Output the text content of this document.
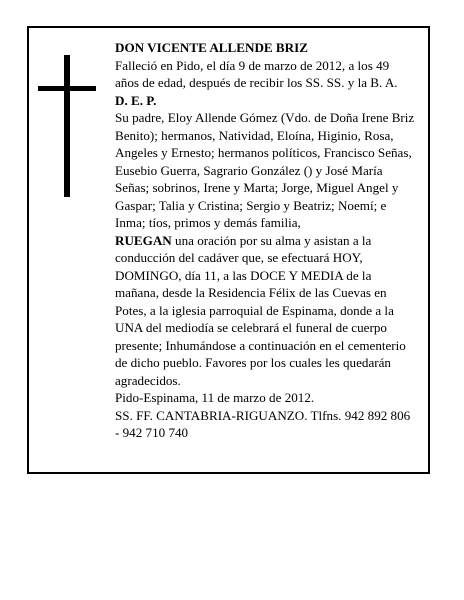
DON VICENTE ALLENDE BRIZ

Falleció en Pido, el día 9 de marzo de 2012, a los 49 años de edad, después de recibir los SS. SS. y la B. A.

D. E. P.

Su padre, Eloy Allende Gómez (Vdo. de Doña Irene Briz Benito); hermanos, Natividad, Eloína, Higinio, Rosa, Angeles y Ernesto; hermanos políticos, Francisco Señas, Eusebio Guerra, Sagrario González () y José María Señas; sobrinos, Irene y Marta; Jorge, Miguel Angel y Gaspar; Talia y Cristina; Sergio y Beatriz; Noemí; e Inma; tíos, primos y demás familia,

RUEGAN una oración por su alma y asistan a la conducción del cadáver que, se efectuará HOY, DOMINGO, día 11, a las DOCE Y MEDIA de la mañana, desde la Residencia Félix de las Cuevas en Potes, a la iglesia parroquial de Espinama, donde a la UNA del mediodía se celebrará el funeral de cuerpo presente; Inhumándose a continuación en el cementerio de dicho pueblo. Favores por los cuales les quedarán agradecidos.

Pido-Espinama, 11 de marzo de 2012.

SS. FF. CANTABRIA-RIGUANZO. Tlfns. 942 892 806 - 942 710 740
